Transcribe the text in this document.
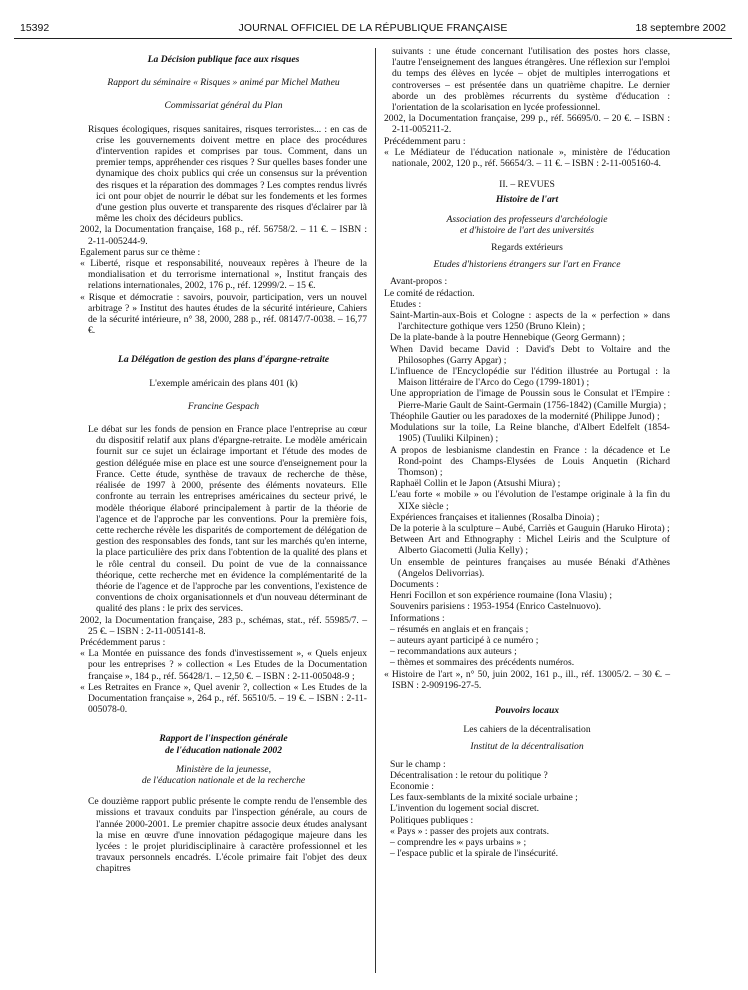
15392	JOURNAL OFFICIEL DE LA RÉPUBLIQUE FRANÇAISE	18 septembre 2002

La Décision publique face aux risques

Rapport du séminaire « Risques » animé par Michel Matheu

Commissariat général du Plan

Risques écologiques, risques sanitaires, risques terroristes... : en cas de crise les gouvernements doivent mettre en place des procédures d'intervention rapides et comprises par tous. Comment, dans un premier temps, appréhender ces risques ? Sur quelles bases fonder une dynamique des choix publics qui crée un consensus sur la prévention des risques et la réparation des dommages ? Les comptes rendus livrés ici ont pour objet de nourrir le débat sur les fondements et les formes d'une gestion plus ouverte et transparente des risques d'éclairer par là même les choix des décideurs publics.

2002, la Documentation française, 168 p., réf. 56758/2. – 11 €. – ISBN : 2-11-005244-9.

Egalement parus sur ce thème :

« Liberté, risque et responsabilité, nouveaux repères à l'heure de la mondialisation et du terrorisme international », Institut français des relations internationales, 2002, 176 p., réf. 12999/2. – 15 €.

« Risque et démocratie : savoirs, pouvoir, participation, vers un nouvel arbitrage ? » Institut des hautes études de la sécurité intérieure, Cahiers de la sécurité intérieure, n° 38, 2000, 288 p., réf. 08147/7-0038. – 16,77 €.

La Délégation de gestion des plans d'épargne-retraite

L'exemple américain des plans 401 (k)

Francine Gespach

Le débat sur les fonds de pension en France place l'entreprise au cœur du dispositif relatif aux plans d'épargne-retraite. Le modèle américain fournit sur ce sujet un éclairage important et l'étude des modes de gestion déléguée mise en place est une source d'enseignement pour la France. Cette étude, synthèse de travaux de recherche de thèse, réalisée de 1997 à 2000, présente des éléments novateurs. Elle confronte au terrain les entreprises américaines du secteur privé, le modèle théorique élaboré principalement à partir de la théorie de l'agence et de l'approche par les conventions. Pour la première fois, cette recherche révèle les disparités de comportement de délégation de gestion des responsables des fonds, tant sur les marchés qu'en interne, la place particulière des prix dans l'obtention de la qualité des plans et le rôle central du conseil. Du point de vue de la connaissance théorique, cette recherche met en évidence la complémentarité de la théorie de l'agence et de l'approche par les conventions, l'existence de conventions de choix organisationnels et d'un nouveau déterminant de qualité des plans : le prix des services.

2002, la Documentation française, 283 p., schémas, stat., réf. 55985/7. – 25 €. – ISBN : 2-11-005141-8.

Précédemment parus :

« La Montée en puissance des fonds d'investissement », « Quels enjeux pour les entreprises ? » collection « Les Etudes de la Documentation française », 184 p., réf. 56428/1. – 12,50 €. – ISBN : 2-11-005048-9 ;

« Les Retraites en France », Quel avenir ?, collection « Les Etudes de la Documentation française », 264 p., réf. 56510/5. – 19 €. – ISBN : 2-11-005078-0.

Rapport de l'inspection générale

de l'éducation nationale 2002

Ministère de la jeunesse,

de l'éducation nationale et de la recherche

Ce douzième rapport public présente le compte rendu de l'ensemble des missions et travaux conduits par l'inspection générale, au cours de l'année 2000-2001. Le premier chapitre associe deux études analysant la mise en œuvre d'une innovation pédagogique majeure dans les lycées : le projet pluridisciplinaire à caractère professionnel et les travaux personnels encadrés. L'école primaire fait l'objet des deux chapitres

suivants : une étude concernant l'utilisation des postes hors classe, l'autre l'enseignement des langues étrangères. Une réflexion sur l'emploi du temps des élèves en lycée – objet de multiples interrogations et controverses – est présentée dans un quatrième chapitre. Le dernier aborde un des problèmes récurrents du système d'éducation : l'orientation de la scolarisation en lycée professionnel.

2002, la Documentation française, 299 p., réf. 56695/0. – 20 €. – ISBN : 2-11-005211-2.

Précédemment paru :

« Le Médiateur de l'éducation nationale », ministère de l'éducation nationale, 2002, 120 p., réf. 56654/3. – 11 €. – ISBN : 2-11-005160-4.

II. – REVUES

Histoire de l'art

Association des professeurs d'archéologie

et d'histoire de l'art des universités

Regards extérieurs

Etudes d'historiens étrangers sur l'art en France

Avant-propos :

Le comité de rédaction.

Etudes :

Saint-Martin-aux-Bois et Cologne : aspects de la « perfection » dans l'architecture gothique vers 1250 (Bruno Klein) ;

De la plate-bande à la poutre Hennebique (Georg Germann) ;

When David became David : David's Debt to Voltaire and the Philosophes (Garry Apgar) ;

L'influence de l'Encyclopédie sur l'édition illustrée au Portugal : la Maison littéraire de l'Arco do Cego (1799-1801) ;

Une appropriation de l'image de Poussin sous le Consulat et l'Empire : Pierre-Marie Gault de Saint-Germain (1756-1842) (Camille Murgia) ;

Théophile Gautier ou les paradoxes de la modernité (Philippe Junod) ;

Modulations sur la toile, La Reine blanche, d'Albert Edelfelt (1854-1905) (Tuuliki Kilpinen) ;

A propos de lesbianisme clandestin en France : la décadence et Le Rond-point des Champs-Elysées de Louis Anquetin (Richard Thomson) ;

Raphaël Collin et le Japon (Atsushi Miura) ;

L'eau forte « mobile » ou l'évolution de l'estampe originale à la fin du XIXe siècle ;

Expériences françaises et italiennes (Rosalba Dinoia) ;

De la poterie à la sculpture – Aubé, Carriès et Gauguin (Haruko Hirota) ;

Between Art and Ethnography : Michel Leiris and the Sculpture of Alberto Giacometti (Julia Kelly) ;

Un ensemble de peintures françaises au musée Bénaki d'Athènes (Angelos Delivorrias).

Documents :

Henri Focillon et son expérience roumaine (Iona Vlasiu) ;

Souvenirs parisiens : 1953-1954 (Enrico Castelnuovo).

Informations :

– résumés en anglais et en français ;

– auteurs ayant participé à ce numéro ;

– recommandations aux auteurs ;

– thèmes et sommaires des précédents numéros.

« Histoire de l'art », n° 50, juin 2002, 161 p., ill., réf. 13005/2. – 30 €. – ISBN : 2-909196-27-5.

Pouvoirs locaux

Les cahiers de la décentralisation

Institut de la décentralisation

Sur le champ :

Décentralisation : le retour du politique ?

Economie :

Les faux-semblants de la mixité sociale urbaine ;

L'invention du logement social discret.

Politiques publiques :

« Pays » : passer des projets aux contrats.

– comprendre les « pays urbains » ;

– l'espace public et la spirale de l'insécurité.
